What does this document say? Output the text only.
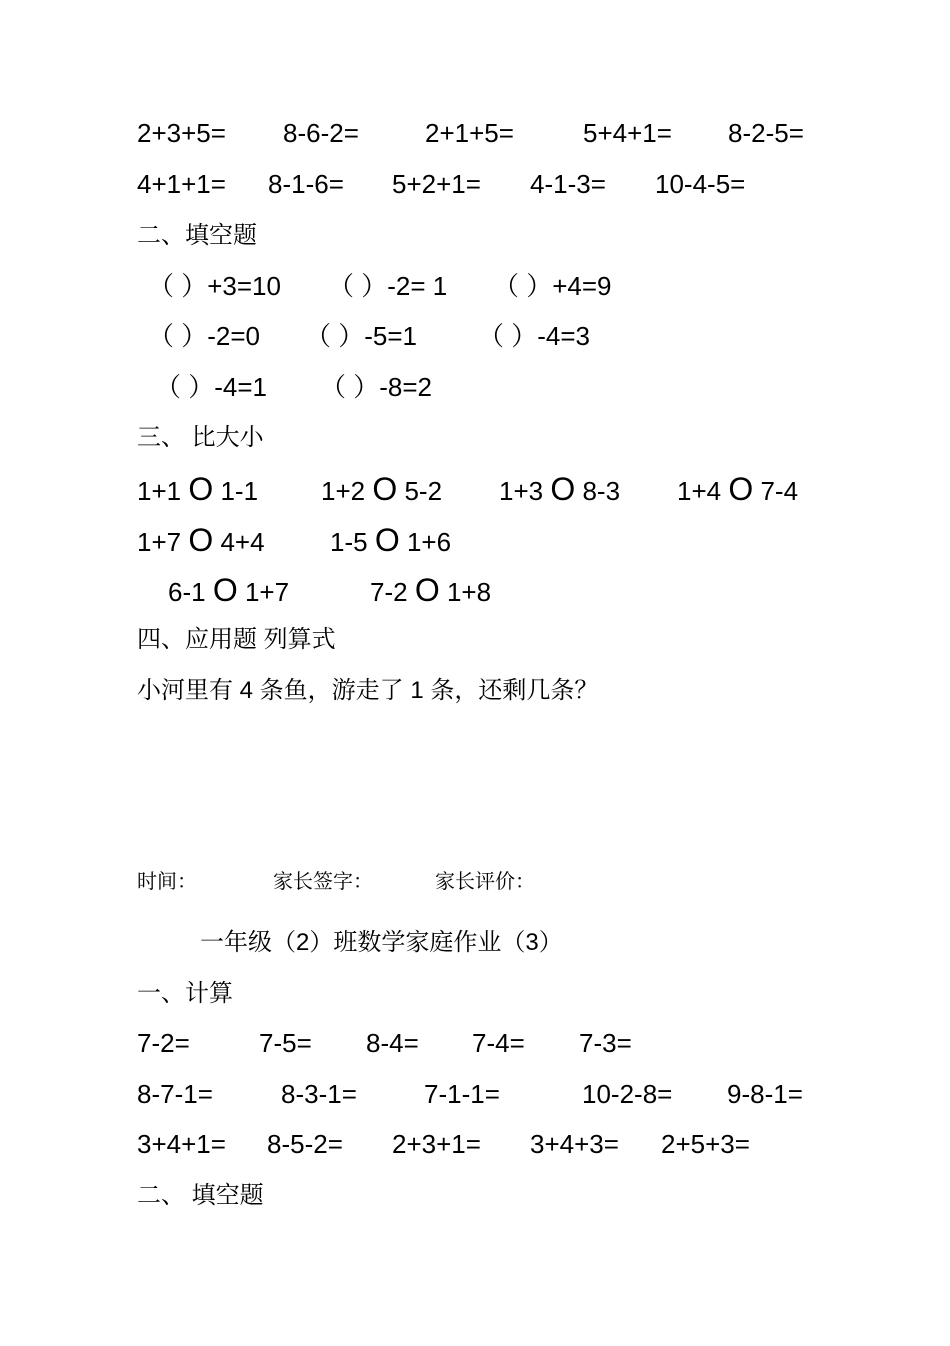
2+3+5= 8-6-2=	2+1+5=	5+4+1= 8-2-5=
4+1+1= 8-1-6= 5+2+1= 4-1-3= 10-4-5=
二、填空题
（ ）+3=10 （ ）-2= 1 （ ）+4=9
（ ）-2=0 （ ）-5=1 （ ）-4=3
（ ）-4=1 （ ）-8=2
三、 比大小
1+1 O 1-1 1+2 O 5-2 1+3 O 8-3 1+4 O 7-4
1+7 O 4+4	1-5 O 1+6
6-1 O 1+7	7-2 O 1+8
四、应用题 列算式
小河里有 4 条鱼，游走了 1 条，还剩几条？
时间：	家长签字：	家长评价：
一年级（2）班数学家庭作业（3）
一、计算
7-2=	7-5= 8-4= 7-4= 7-3=
8-7-1=	8-3-1=	7-1-1=	10-2-8= 9-8-1=
3+4+1= 8-5-2= 2+3+1= 3+4+3= 2+5+3=
二、 填空题
